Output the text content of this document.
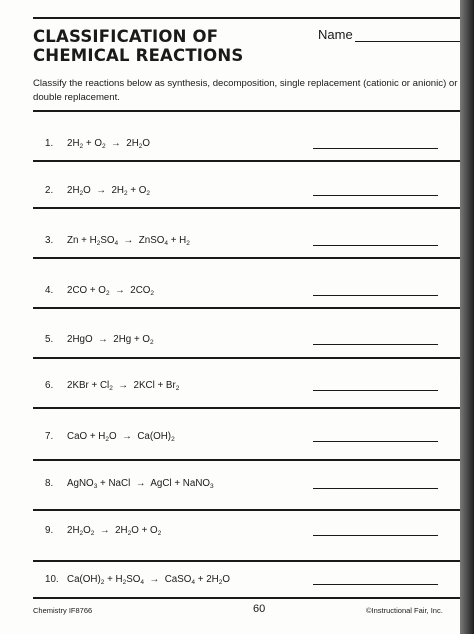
CLASSIFICATION OF
CHEMICAL REACTIONS
Name
Classify the reactions below as synthesis, decomposition, single replacement (cationic or anionic) or double replacement.
1. $2H_2 + O_2 \to 2H_2O$
2. $2H_2O \to 2H_2 + O_2$
3. $Zn + H_2SO_4$  →  ZnSO$_4$ + $H_2$
4. $2CO + O_2 \to 2CO_2$
5. $2HgO \to 2Hg + O_2$
6. $2KBr + Cl_2 \to 2KCl + Br_2$
7. CaO + $H_2O \to Ca(OH)_2$
8. AgNO$_3$ + NaCl  →  AgCl + NaNO$_3$
9. $2H_2O_2 \to 2H_2O + O_2$
10. $Ca(OH)_2 + H_2SO_4$  →  CaSO$_4$ + $2H_2O$
Chemistry IF8766	60	©Instructional Fair, Inc.
